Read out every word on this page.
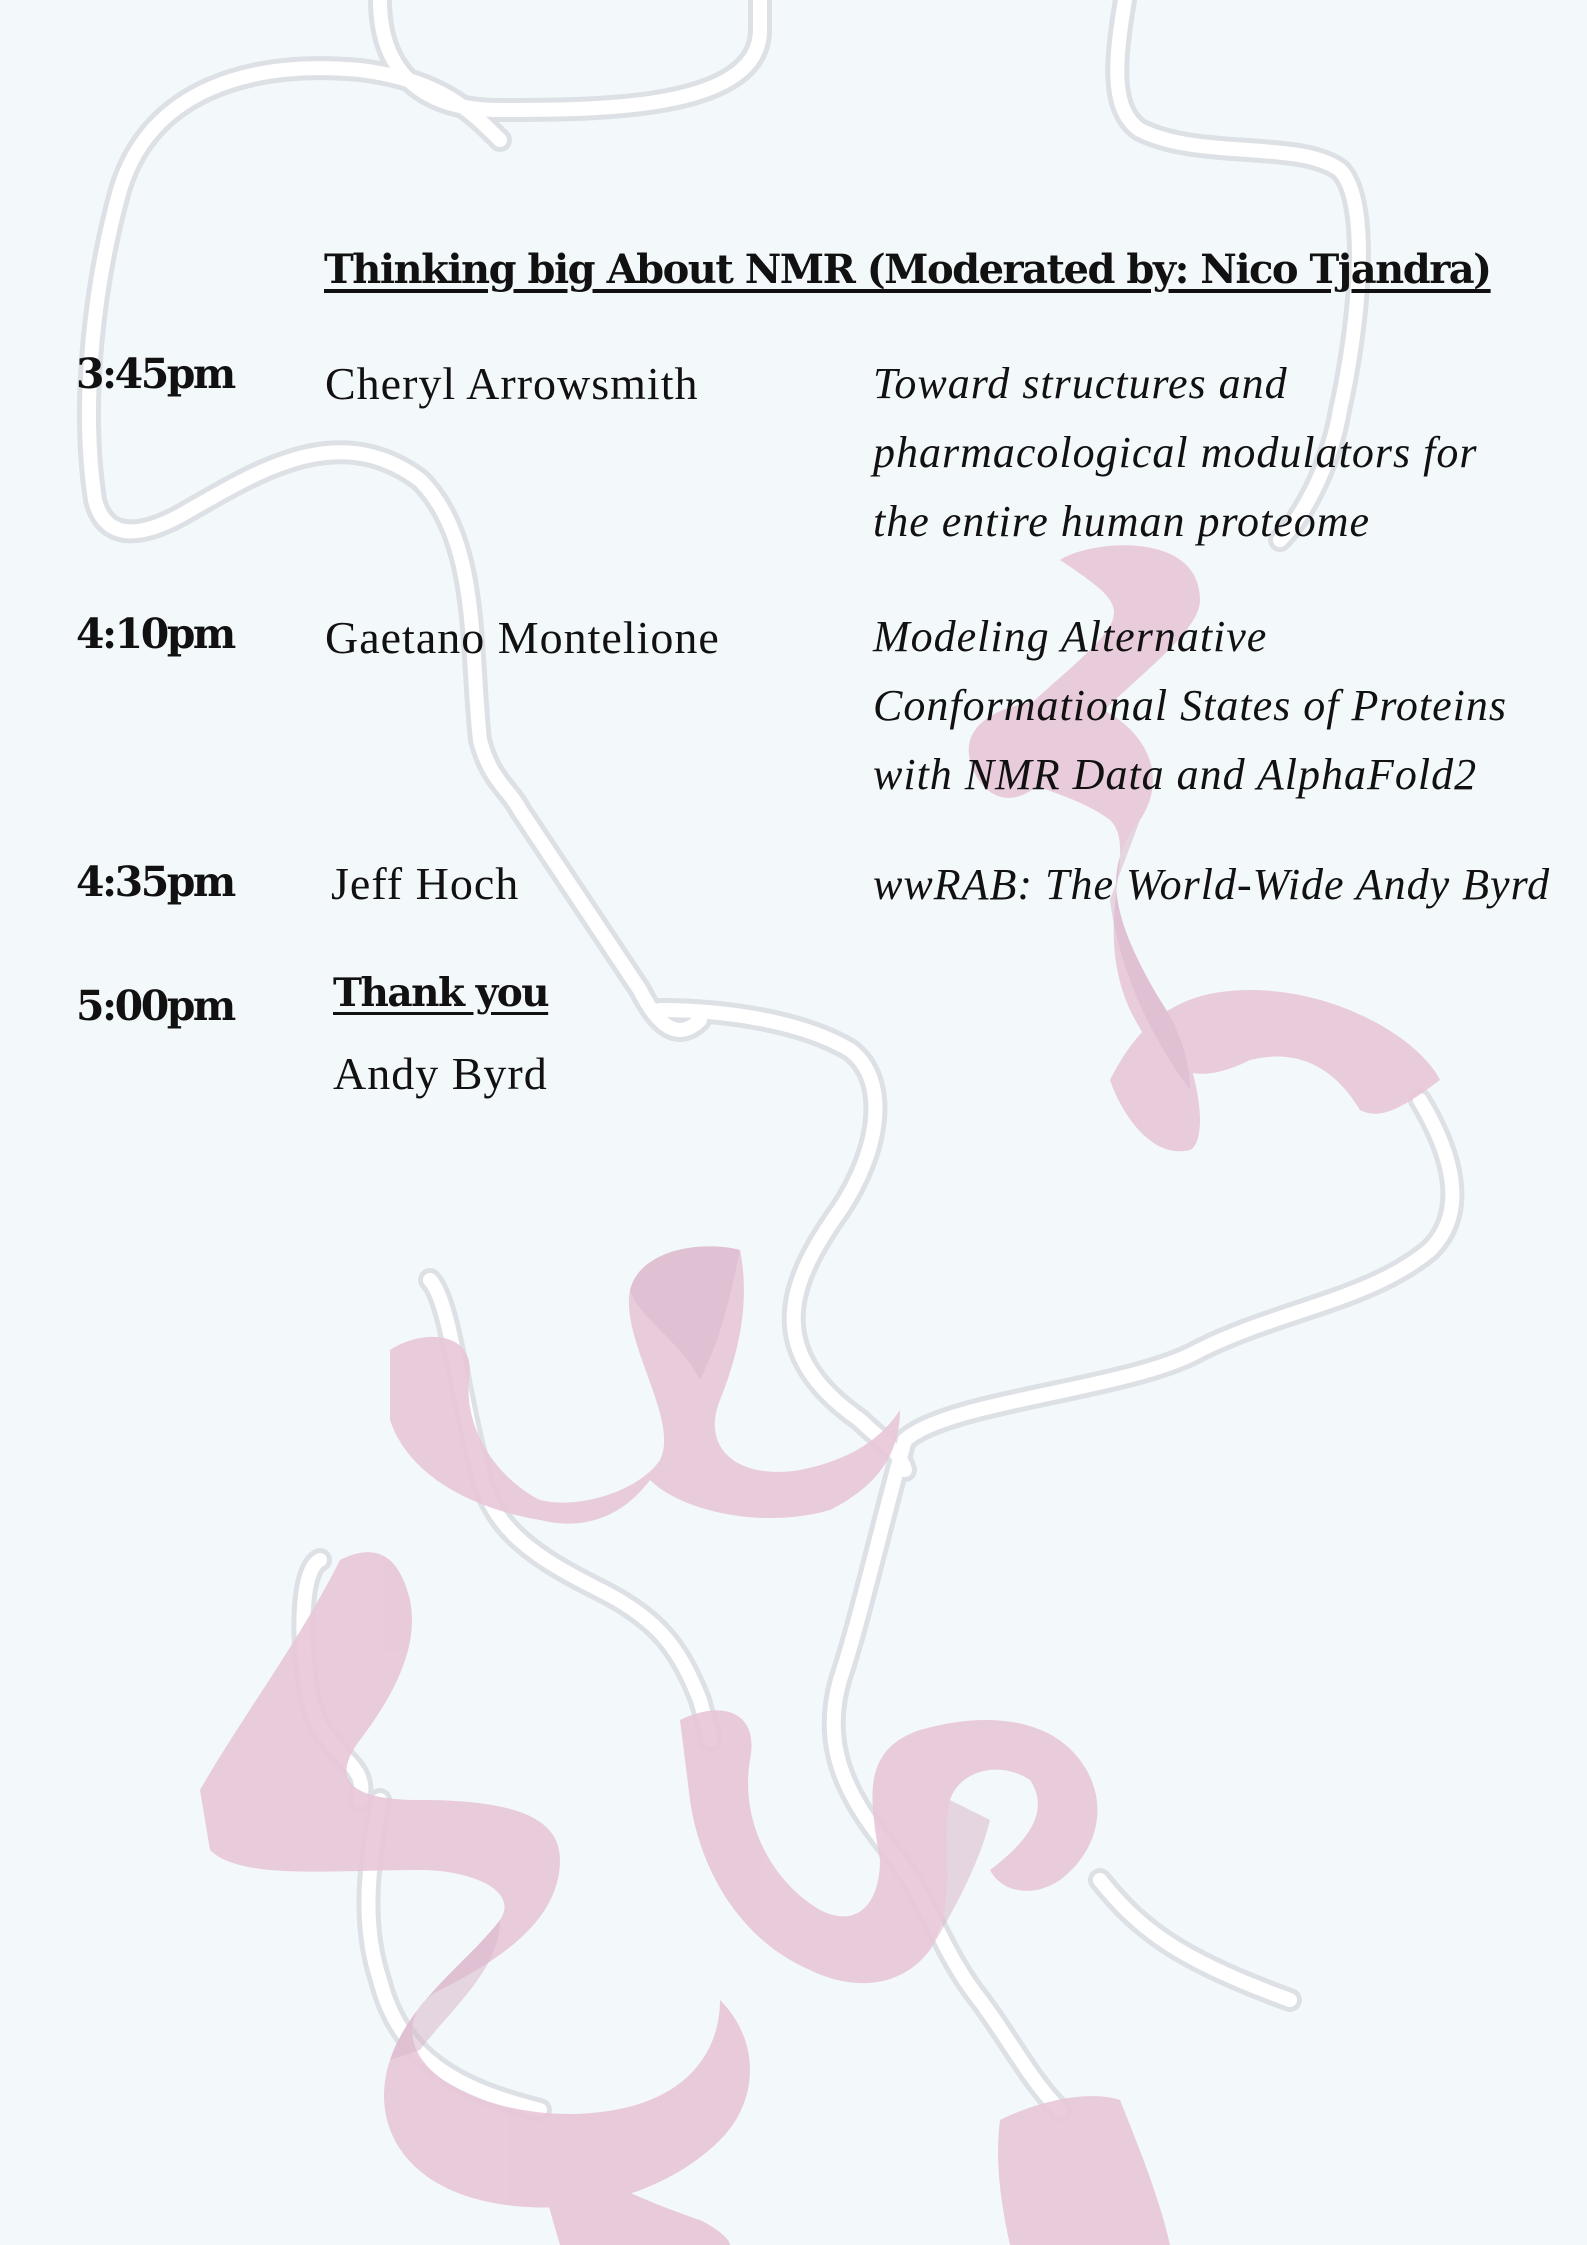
Thinking big About NMR (Moderated by: Nico Tjandra)
3:45pm Cheryl Arrowsmith	Toward structures and
pharmacological modulators for
the entire human proteome
4:10pm Gaetano Montelione	Modeling Alternative
Conformational States of Proteins
with NMR Data and AlphaFold2
4:35pm Jeff Hoch	wwRAB: The World-Wide Andy Byrd
5:00pm	Thank you
Andy Byrd
